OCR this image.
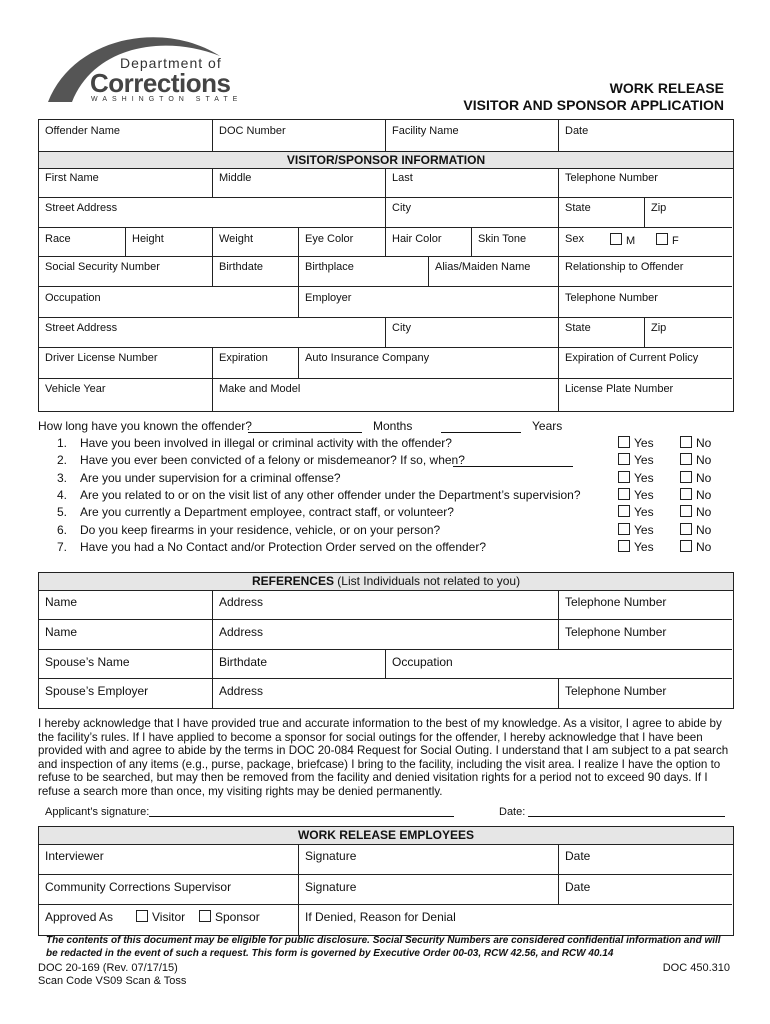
Department of
Corrections
WASHINGTON STATE
WORK RELEASE
VISITOR AND SPONSOR APPLICATION
Offender Name	DOC Number	Facility Name	Date
VISITOR/SPONSOR INFORMATION
First Name	Middle	Last	Telephone Number
Street Address	City	State	Zip
Race	Height	Weight	Eye Color	Hair Color	Skin Tone	Sex	M	F
Social Security Number	Birthdate	Birthplace	Alias/Maiden Name	Relationship to Offender
Occupation	Employer	Telephone Number
Street Address	City	State	Zip
Driver License Number	Expiration	Auto Insurance Company	Expiration of Current Policy
Vehicle Year	Make and Model	License Plate Number
How long have you known the offender?	Months	Years
1. Have you been involved in illegal or criminal activity with the offender?	Yes	No
2. Have you ever been convicted of a felony or misdemeanor? If so, when?	Yes	No
3. Are you under supervision for a criminal offense?	Yes	No
4. Are you related to or on the visit list of any other offender under the Department’s supervision?	Yes	No
5. Are you currently a Department employee, contract staff, or volunteer?	Yes	No
6. Do you keep firearms in your residence, vehicle, or on your person?	Yes	No
7. Have you had a No Contact and/or Protection Order served on the offender?	Yes	No
REFERENCES (List Individuals not related to you)
Name	Address	Telephone Number
Name	Address	Telephone Number
Spouse’s Name	Birthdate	Occupation
Spouse’s Employer	Address	Telephone Number
I hereby acknowledge that I have provided true and accurate information to the best of my knowledge. As a visitor, I agree to abide by the facility’s rules. If I have applied to become a sponsor for social outings for the offender, I hereby acknowledge that I have been provided with and agree to abide by the terms in DOC 20-084 Request for Social Outing. I understand that I am subject to a pat search and inspection of any items (e.g., purse, package, briefcase) I bring to the facility, including the visit area. I realize I have the option to refuse to be searched, but may then be removed from the facility and denied visitation rights for a period not to exceed 90 days. If I refuse a search more than once, my visiting rights may be denied permanently.
Applicant’s signature:	Date:
WORK RELEASE EMPLOYEES
Interviewer	Signature	Date
Community Corrections Supervisor	Signature	Date
Approved As	Visitor	Sponsor	If Denied, Reason for Denial
The contents of this document may be eligible for public disclosure. Social Security Numbers are considered confidential information and will be redacted in the event of such a request. This form is governed by Executive Order 00-03, RCW 42.56, and RCW 40.14
DOC 20-169 (Rev. 07/17/15)
Scan Code VS09 Scan & Toss
DOC 450.310
